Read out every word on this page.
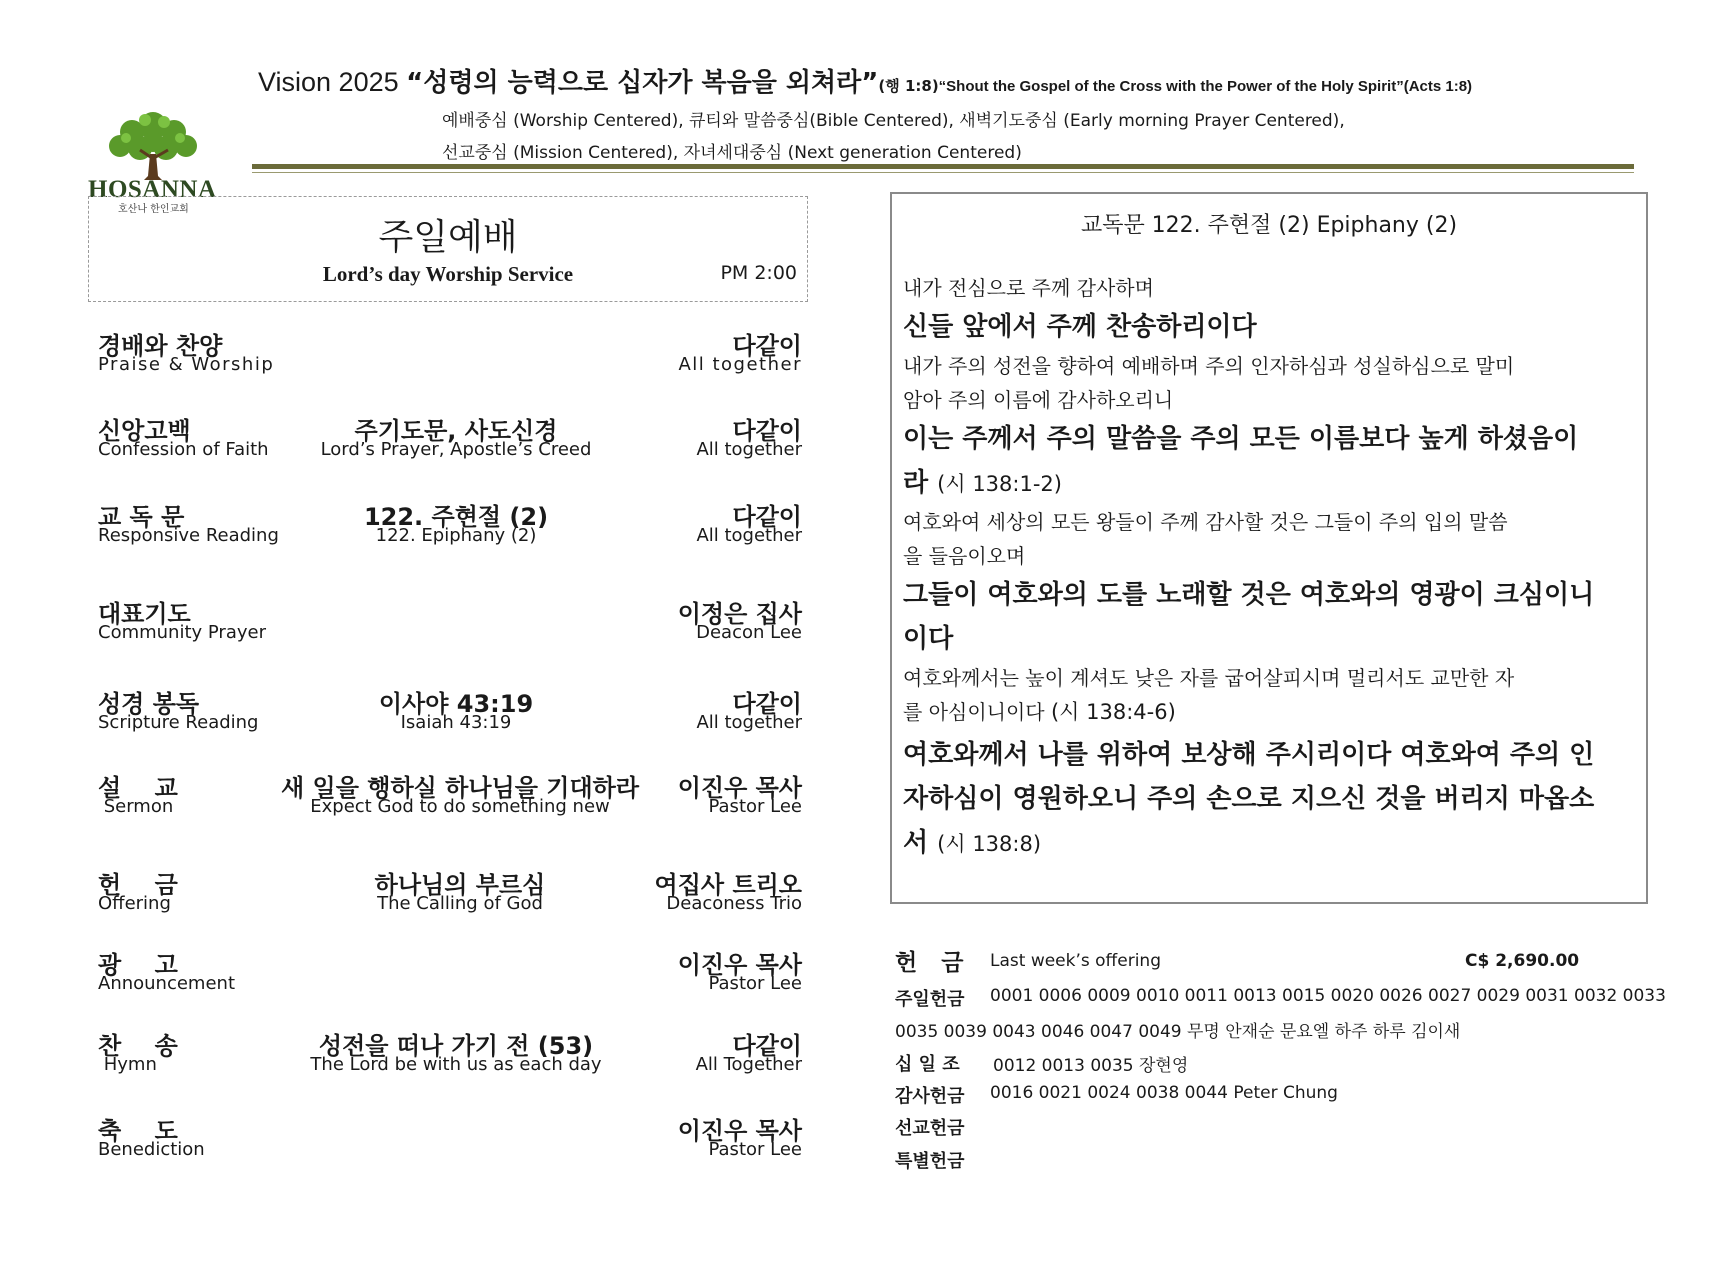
Vision 2025 “성령의 능력으로 십자가 복음을 외쳐라”(행 1:8)“Shout the Gospel of the Cross with the Power of the Holy Spirit”(Acts 1:8)
예배중심 (Worship Centered), 큐티와 말씀중심(Bible Centered), 새벽기도중심 (Early morning Prayer Centered),
선교중심 (Mission Centered), 자녀세대중심 (Next generation Centered)
HOSANNA
호산나 한인교회
주일예배
Lord’s day Worship Service	PM 2:00
경배와 찬양
Praise & Worship
다같이
All together
신앙고백
Confession of Faith
주기도문, 사도신경
Lord’s Prayer, Apostle’s Creed
다같이
All together
교 독 문
Responsive Reading
122. 주현절 (2)
122. Epiphany (2)
다같이
All together
대표기도
Community Prayer
이정은 집사
Deacon Lee
성경 봉독
Scripture Reading
이사야 43:19
Isaiah 43:19
다같이
All together
설    교
Sermon
새 일을 행하실 하나님을 기대하라
Expect God to do something new
이진우 목사
Pastor Lee
헌    금
Offering
하나님의 부르심
The Calling of God
여집사 트리오
Deaconess Trio
광    고
Announcement
이진우 목사
Pastor Lee
찬    송
Hymn
성전을 떠나 가기 전 (53)
The Lord be with us as each day
다같이
All Together
축    도
Benediction
이진우 목사
Pastor Lee
교독문 122. 주현절 (2) Epiphany (2)
내가 전심으로 주께 감사하며
신들 앞에서 주께 찬송하리이다
내가 주의 성전을 향하여 예배하며 주의 인자하심과 성실하심으로 말미
암아 주의 이름에 감사하오리니
이는 주께서 주의 말씀을 주의 모든 이름보다 높게 하셨음이
라 (시 138:1-2)
여호와여 세상의 모든 왕들이 주께 감사할 것은 그들이 주의 입의 말씀
을 들음이오며
그들이 여호와의 도를 노래할 것은 여호와의 영광이 크심이니
이다
여호와께서는 높이 계셔도 낮은 자를 굽어살피시며 멀리서도 교만한 자
를 아심이니이다 (시 138:4-6)
여호와께서 나를 위하여 보상해 주시리이다 여호와여 주의 인
자하심이 영원하오니 주의 손으로 지으신 것을 버리지 마옵소
서 (시 138:8)
헌   금 Last week’s offering	C$ 2,690.00
주일헌금 0001 0006 0009 0010 0011 0013 0015 0020 0026 0027 0029 0031 0032 0033
0035 0039 0043 0046 0047 0049 무명 안재순 문요엘 하주 하루 김이새
십 일 조 0012 0013 0035 장현영
감사헌금 0016 0021 0024 0038 0044 Peter Chung
선교헌금
특별헌금
